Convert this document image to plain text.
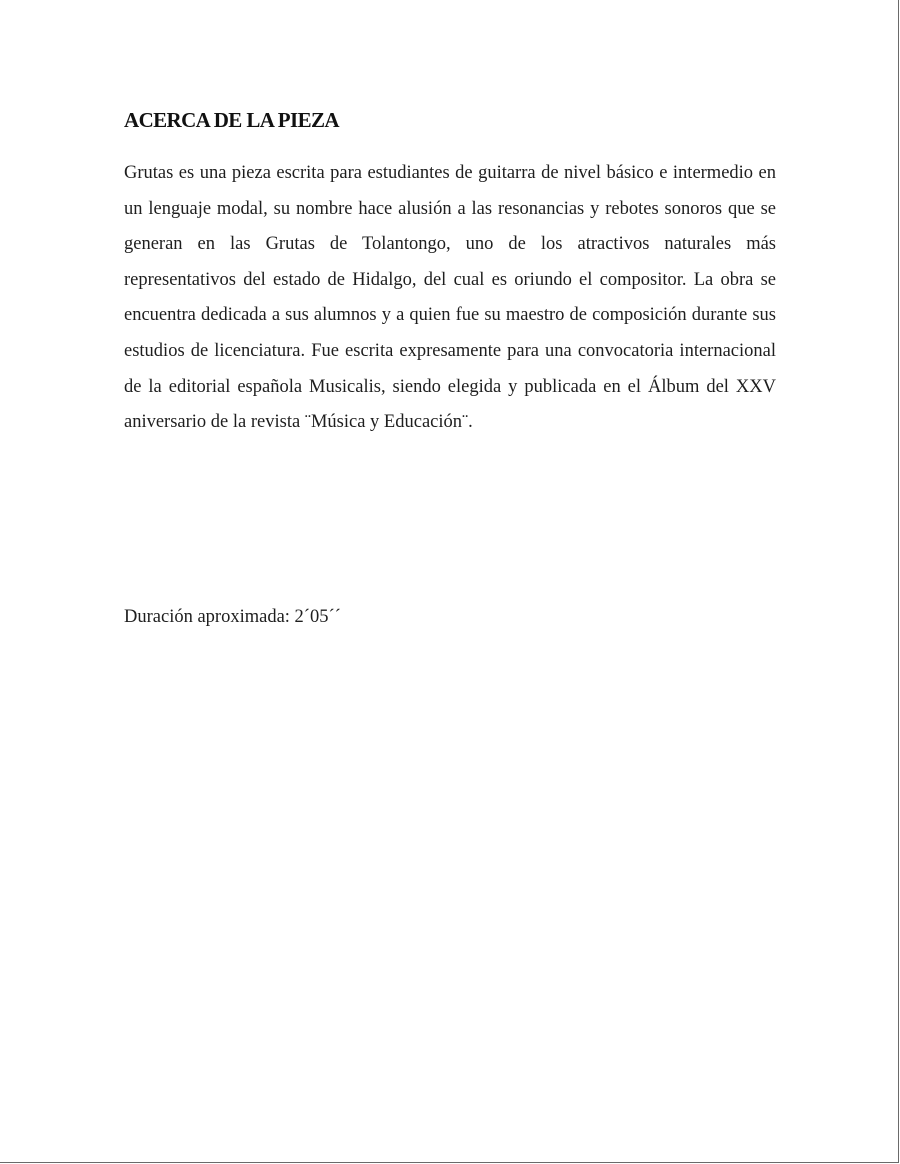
ACERCA DE LA PIEZA

Grutas es una pieza escrita para estudiantes de guitarra de nivel básico e intermedio en un lenguaje modal, su nombre hace alusión a las resonancias y rebotes sonoros que se generan en las Grutas de Tolantongo, uno de los atractivos naturales más representativos del estado de Hidalgo, del cual es oriundo el compositor. La obra se encuentra dedicada a sus alumnos y a quien fue su maestro de composición durante sus estudios de licenciatura. Fue escrita expresamente para una convocatoria internacional de la editorial española Musicalis, siendo elegida y publicada en el Álbum del XXV aniversario de la revista ¨Música y Educación¨.

Duración aproximada: 2´05´´
